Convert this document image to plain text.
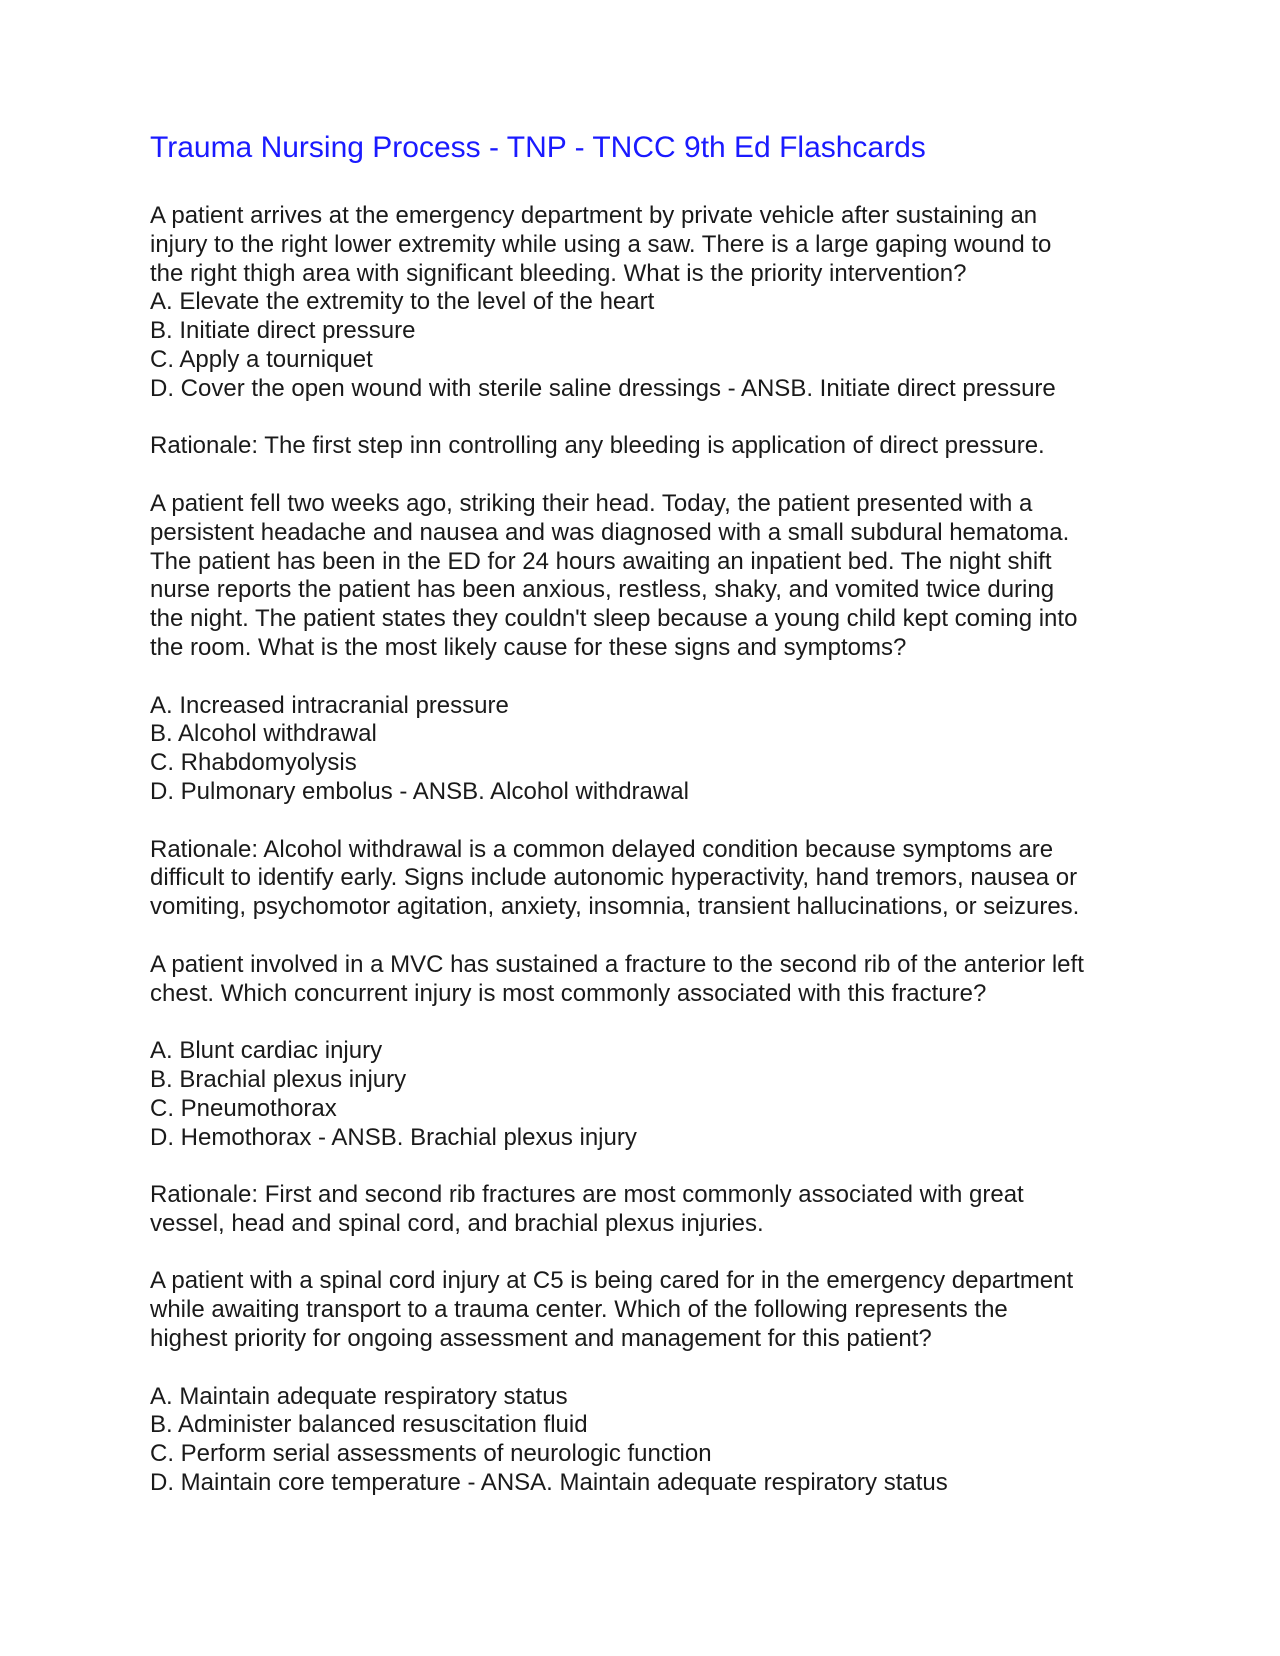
Trauma Nursing Process - TNP - TNCC 9th Ed Flashcards

A patient arrives at the emergency department by private vehicle after sustaining an

injury to the right lower extremity while using a saw. There is a large gaping wound to

the right thigh area with significant bleeding. What is the priority intervention?

A. Elevate the extremity to the level of the heart

B. Initiate direct pressure

C. Apply a tourniquet

D. Cover the open wound with sterile saline dressings - ANSB. Initiate direct pressure

Rationale: The first step inn controlling any bleeding is application of direct pressure.

A patient fell two weeks ago, striking their head. Today, the patient presented with a

persistent headache and nausea and was diagnosed with a small subdural hematoma.

The patient has been in the ED for 24 hours awaiting an inpatient bed. The night shift

nurse reports the patient has been anxious, restless, shaky, and vomited twice during

the night. The patient states they couldn't sleep because a young child kept coming into

the room. What is the most likely cause for these signs and symptoms?

A. Increased intracranial pressure

B. Alcohol withdrawal

C. Rhabdomyolysis

D. Pulmonary embolus - ANSB. Alcohol withdrawal

Rationale: Alcohol withdrawal is a common delayed condition because symptoms are

difficult to identify early. Signs include autonomic hyperactivity, hand tremors, nausea or

vomiting, psychomotor agitation, anxiety, insomnia, transient hallucinations, or seizures.

A patient involved in a MVC has sustained a fracture to the second rib of the anterior left

chest. Which concurrent injury is most commonly associated with this fracture?

A. Blunt cardiac injury

B. Brachial plexus injury

C. Pneumothorax

D. Hemothorax - ANSB. Brachial plexus injury

Rationale: First and second rib fractures are most commonly associated with great

vessel, head and spinal cord, and brachial plexus injuries.

A patient with a spinal cord injury at C5 is being cared for in the emergency department

while awaiting transport to a trauma center. Which of the following represents the

highest priority for ongoing assessment and management for this patient?

A. Maintain adequate respiratory status

B. Administer balanced resuscitation fluid

C. Perform serial assessments of neurologic function

D. Maintain core temperature - ANSA. Maintain adequate respiratory status
